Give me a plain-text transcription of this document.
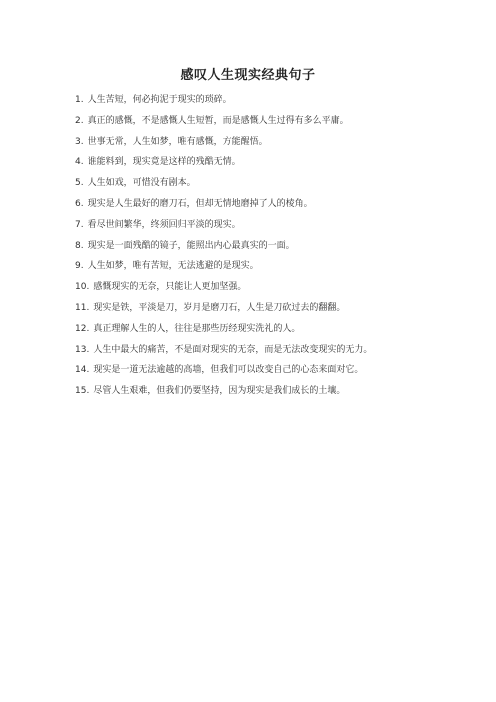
感叹人生现实经典句子
1. 人生苦短，何必拘泥于现实的琐碎。
2. 真正的感慨，不是感慨人生短暂，而是感慨人生过得有多么平庸。
3. 世事无常，人生如梦，唯有感慨，方能醒悟。
4. 谁能料到，现实竟是这样的残酷无情。
5. 人生如戏，可惜没有剧本。
6. 现实是人生最好的磨刀石，但却无情地磨掉了人的棱角。
7. 看尽世间繁华，终须回归平淡的现实。
8. 现实是一面残酷的镜子，能照出内心最真实的一面。
9. 人生如梦，唯有苦短，无法逃避的是现实。
10. 感慨现实的无奈，只能让人更加坚强。
11. 现实是铁，平淡是刀，岁月是磨刀石，人生是刀砍过去的翻翻。
12. 真正理解人生的人，往往是那些历经现实洗礼的人。
13. 人生中最大的痛苦，不是面对现实的无奈，而是无法改变现实的无力。
14. 现实是一道无法逾越的高墙，但我们可以改变自己的心态来面对它。
15. 尽管人生艰难，但我们仍要坚持，因为现实是我们成长的土壤。
